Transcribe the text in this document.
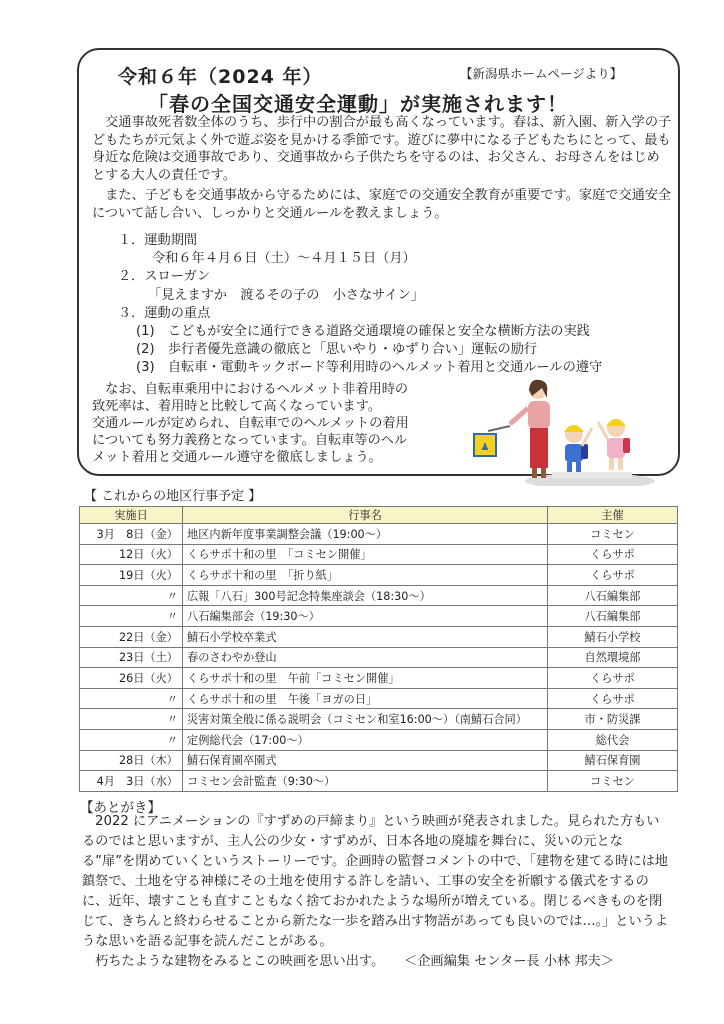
令和６年（2024 年）	【新潟県ホームページより】
「春の全国交通安全運動」が実施されます！

　交通事故死者数全体のうち、歩行中の割合が最も高くなっています。春は、新入園、新入学の子どもたちが元気よく外で遊ぶ姿を見かける季節です。遊びに夢中になる子どもたちにとって、最も身近な危険は交通事故であり、交通事故から子供たちを守るのは、お父さん、お母さんをはじめとする大人の責任です。

　また、子どもを交通事故から守るためには、家庭での交通安全教育が重要です。家庭で交通安全について話し合い、しっかりと交通ルールを教えましょう。

１．運動期間
令和６年４月６日（土）～４月１５日（月）
２．スローガン
「見えますか　渡るその子の　小さなサイン」
３．運動の重点
(1)　こどもが安全に通行できる道路交通環境の確保と安全な横断方法の実践
(2)　歩行者優先意識の徹底と「思いやり・ゆずり合い」運転の励行
(3)　自転車・電動キックボード等利用時のヘルメット着用と交通ルールの遵守
　なお、自転車乗用中におけるヘルメット非着用時の
致死率は、着用時と比較して高くなっています。
交通ルールが定められ、自転車でのヘルメットの着用
についても努力義務となっています。自転車等のヘル
メット着用と交通ルール遵守を徹底しましょう。
♟
【 これからの地区行事予定 】
実施日	行事名	主催
3月　8日（金）	地区内新年度事業調整会議（19:00～）	コミセン
12日（火）	くらサポ十和の里　「コミセン開催」	くらサポ
19日（火）	くらサポ十和の里　「折り紙」	くらサポ
〃	広報「八石」300号記念特集座談会（18:30～）	八石編集部
〃	八石編集部会（19:30～）	八石編集部
22日（金）	鯖石小学校卒業式	鯖石小学校
23日（土）	春のさわやか登山	自然環境部
26日（火）	くらサポ十和の里　午前「コミセン開催」	くらサポ
〃	くらサポ十和の里　午後「ヨガの日」	くらサポ
〃	災害対策全般に係る説明会（コミセン和室16:00～）（南鯖石合同）	市・防災課
〃	定例総代会（17:00～）	総代会
28日（木）	鯖石保育園卒園式	鯖石保育園
4月　3日（水）	コミセン会計監査（9:30～）	コミセン
【あとがき】

　2022 にアニメーションの『すずめの戸締まり』という映画が発表されました。見られた方もいるのではと思いますが、主人公の少女・すずめが、日本各地の廃墟を舞台に、災いの元となる”扉”を閉めていくというストーリーです。企画時の監督コメントの中で、「建物を建てる時には地鎮祭で、土地を守る神様にその土地を使用する許しを請い、工事の安全を祈願する儀式をするのに、近年、壊すことも直すこともなく捨ておかれたような場所が増えている。閉じるべきものを閉じて、きちんと終わらせることから新たな一歩を踏み出す物語があっても良いのでは…。」というような思いを語る記事を読んだことがある。
　朽ちたような建物をみるとこの映画を思い出す。　　＜企画編集 センター長 小林 邦夫＞
